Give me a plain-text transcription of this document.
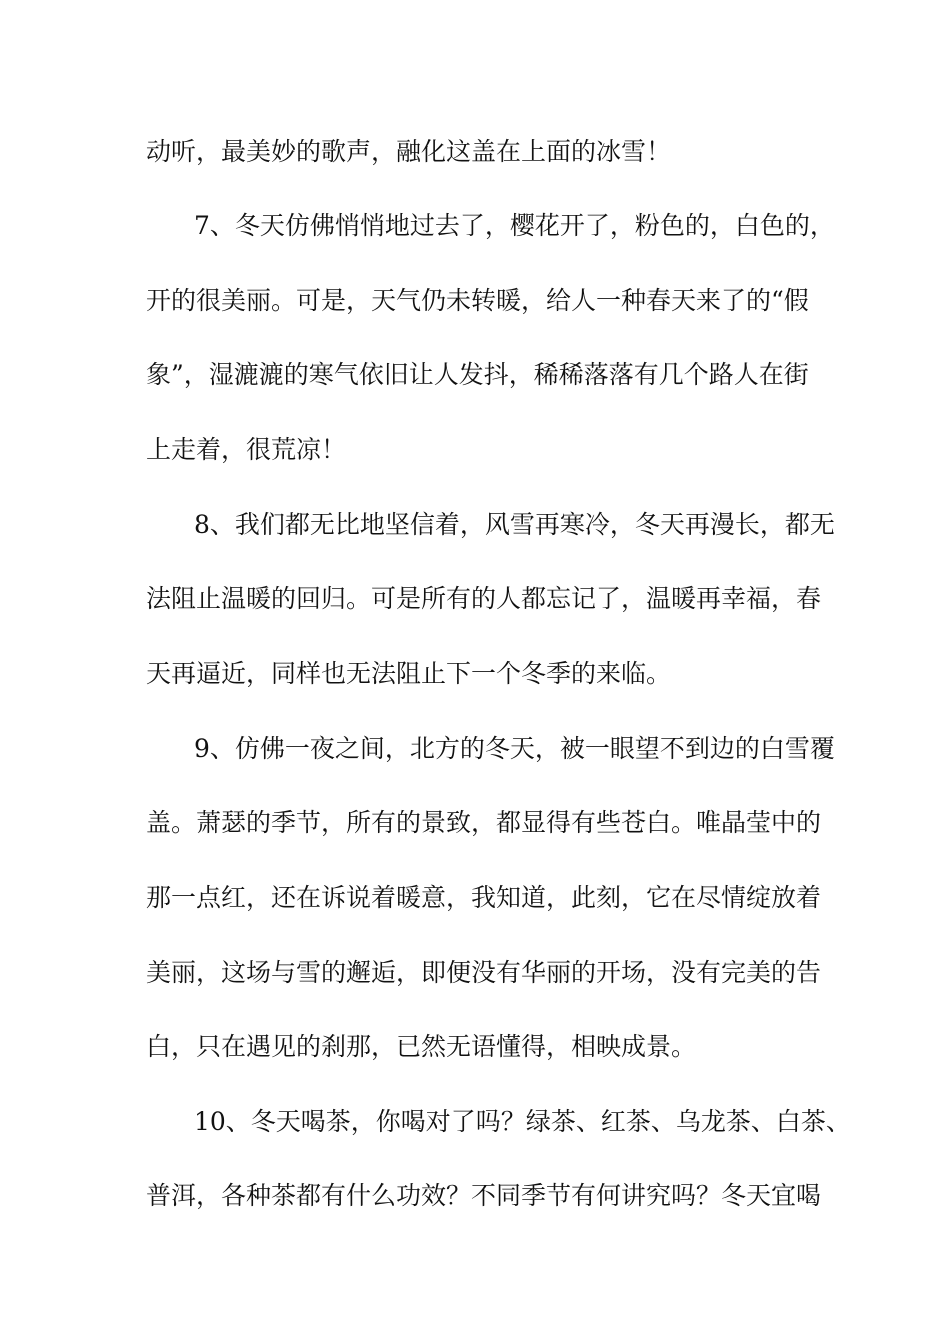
动听，最美妙的歌声，融化这盖在上面的冰雪！
7、冬天仿佛悄悄地过去了，樱花开了，粉色的，白色的，
开的很美丽。可是，天气仍未转暖，给人一种春天来了的“假
象”，湿漉漉的寒气依旧让人发抖，稀稀落落有几个路人在街
上走着，很荒凉！
8、我们都无比地坚信着，风雪再寒冷，冬天再漫长，都无
法阻止温暖的回归。可是所有的人都忘记了，温暖再幸福，春
天再逼近，同样也无法阻止下一个冬季的来临。
9、仿佛一夜之间，北方的冬天，被一眼望不到边的白雪覆
盖。萧瑟的季节，所有的景致，都显得有些苍白。唯晶莹中的
那一点红，还在诉说着暖意，我知道，此刻，它在尽情绽放着
美丽，这场与雪的邂逅，即便没有华丽的开场，没有完美的告
白，只在遇见的刹那，已然无语懂得，相映成景。
10、冬天喝茶，你喝对了吗？绿茶、红茶、乌龙茶、白茶、
普洱，各种茶都有什么功效？不同季节有何讲究吗？冬天宜喝
